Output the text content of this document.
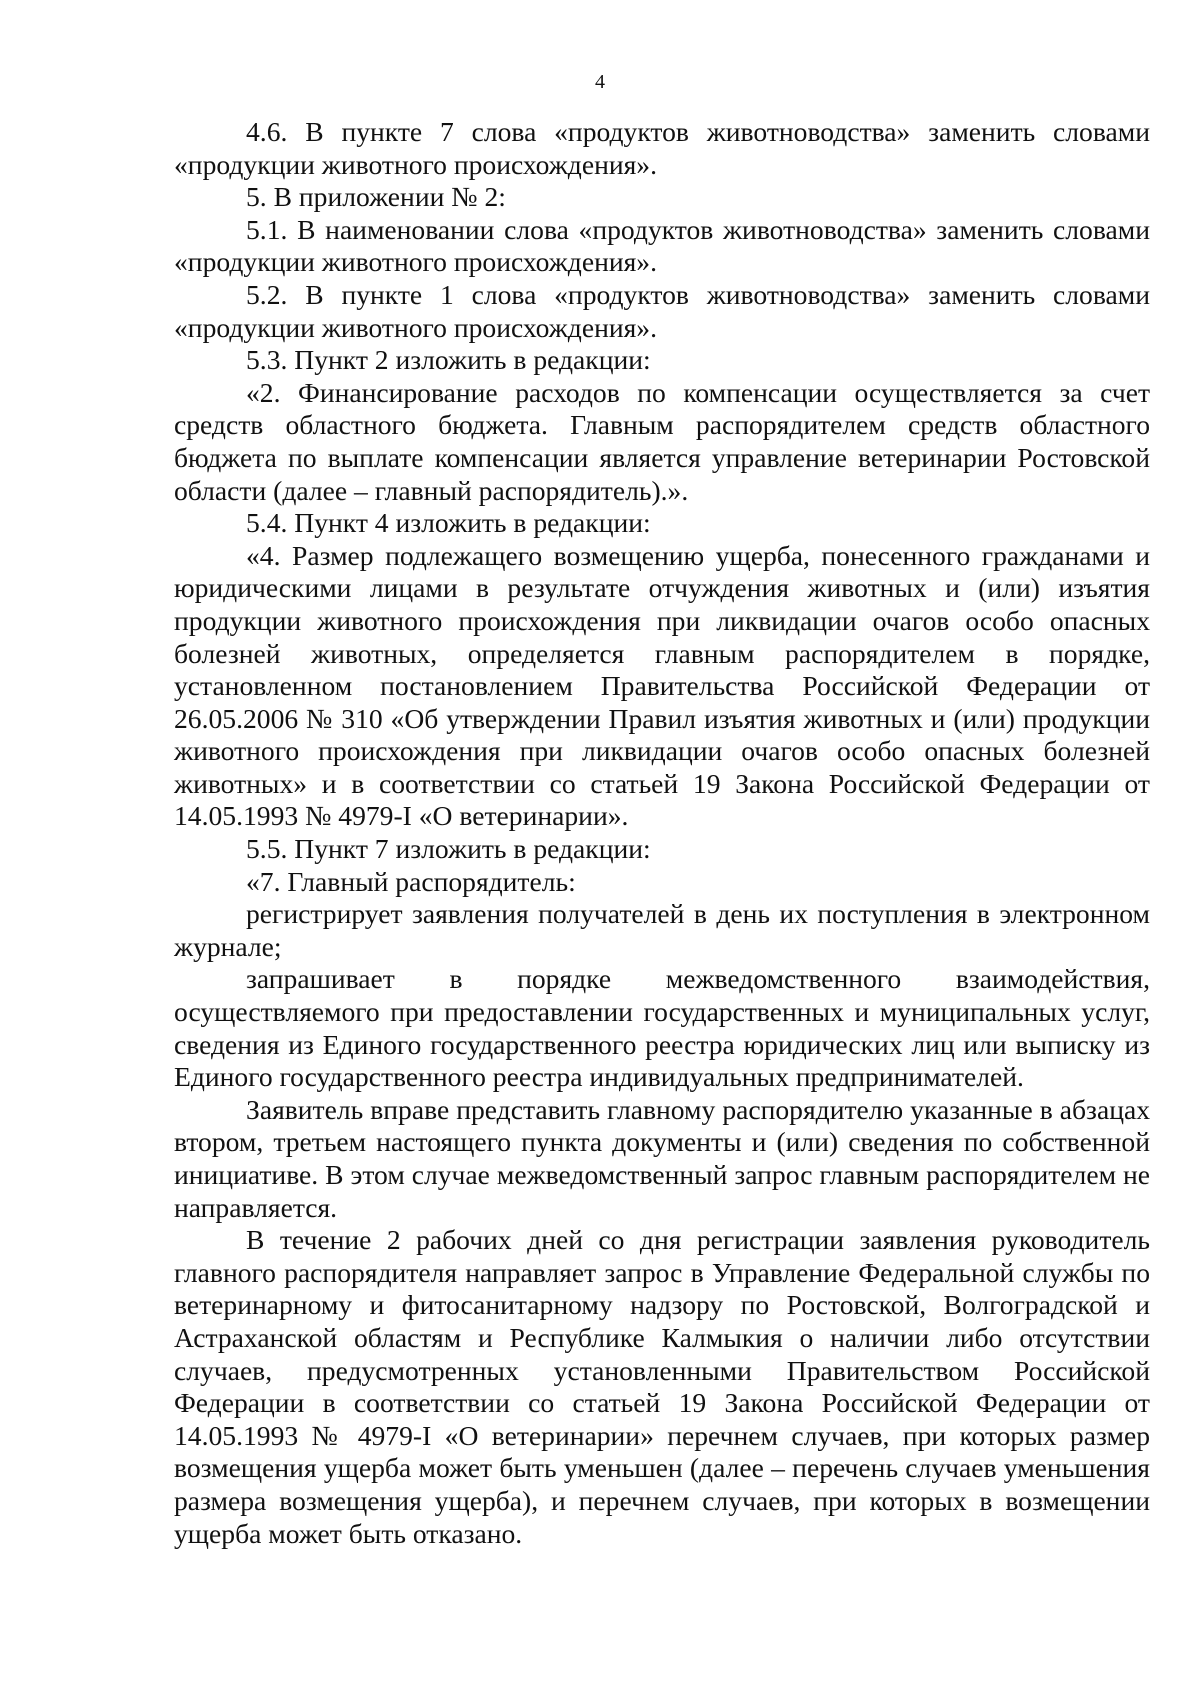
4

4.6. В пункте 7 слова «продуктов животноводства» заменить словами «продукции животного происхождения».

5. В приложении № 2:

5.1. В наименовании слова «продуктов животноводства» заменить словами «продукции животного происхождения».

5.2. В пункте 1 слова «продуктов животноводства» заменить словами «продукции животного происхождения».

5.3. Пункт 2 изложить в редакции:

«2. Финансирование расходов по компенсации осуществляется за счет средств областного бюджета. Главным распорядителем средств областного бюджета по выплате компенсации является управление ветеринарии Ростовской области (далее – главный распорядитель).».

5.4. Пункт 4 изложить в редакции:

«4. Размер подлежащего возмещению ущерба, понесенного гражданами и юридическими лицами в результате отчуждения животных и (или) изъятия продукции животного происхождения при ликвидации очагов особо опасных болезней животных, определяется главным распорядителем в порядке, установленном постановлением Правительства Российской Федерации от 26.05.2006 № 310 «Об утверждении Правил изъятия животных и (или) продукции животного происхождения при ликвидации очагов особо опасных болезней животных» и в соответствии со статьей 19 Закона Российской Федерации от 14.05.1993 № 4979-I «О ветеринарии».

5.5. Пункт 7 изложить в редакции:

«7. Главный распорядитель:

регистрирует заявления получателей в день их поступления в электронном журнале;

запрашивает в порядке межведомственного взаимодействия, осуществляемого при предоставлении государственных и муниципальных услуг, сведения из Единого государственного реестра юридических лиц или выписку из Единого государственного реестра индивидуальных предпринимателей.

Заявитель вправе представить главному распорядителю указанные в абзацах втором, третьем настоящего пункта документы и (или) сведения по собственной инициативе. В этом случае межведомственный запрос главным распорядителем не направляется.

В течение 2 рабочих дней со дня регистрации заявления руководитель главного распорядителя направляет запрос в Управление Федеральной службы по ветеринарному и фитосанитарному надзору по Ростовской, Волгоградской и Астраханской областям и Республике Калмыкия о наличии либо отсутствии случаев, предусмотренных установленными Правительством Российской Федерации в соответствии со статьей 19 Закона Российской Федерации от 14.05.1993 № 4979-I «О ветеринарии» перечнем случаев, при которых размер возмещения ущерба может быть уменьшен (далее – перечень случаев уменьшения размера возмещения ущерба), и перечнем случаев, при которых в возмещении ущерба может быть отказано.
